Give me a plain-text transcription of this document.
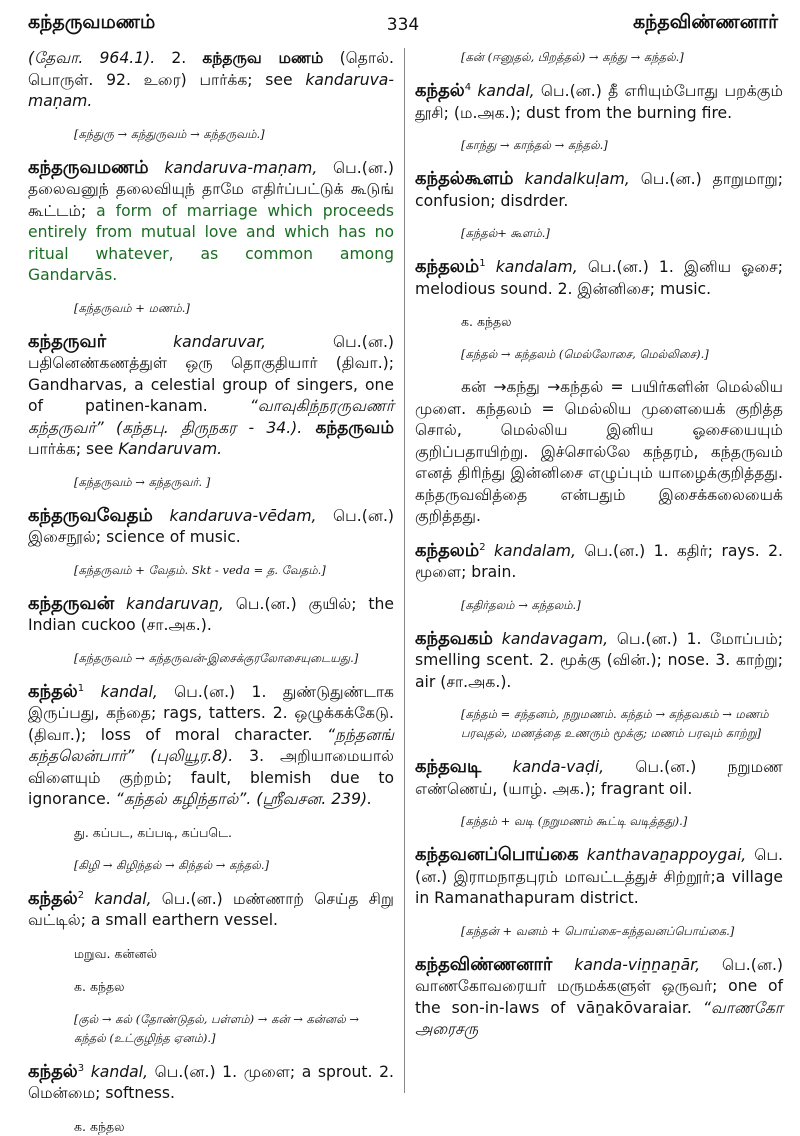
கந்தருவமணம்	334	கந்தவிண்ணனார்

(தேவா. 964.1). 2. கந்தருவ மணம் (தொல். பொருள். 92. உரை) பார்க்க; see kandaruva-maṇam.

[கந்துரு → கந்துருவம் → கந்தருவம்.]

கந்தருவமணம் kandaruva-maṇam, பெ.(ன.) தலைவனுந் தலைவியுந் தாமே எதிர்ப்பட்டுக் கூடுங் கூட்டம்; a form of marriage which proceeds entirely from mutual love and which has no ritual whatever, as common among Gandarvās.

[கந்தருவம் + மணம்.]

கந்தருவர் kandaruvar, பெ.(ன.) பதினெண்கணத்துள் ஒரு தொகுதியார் (திவா.); Gandharvas, a celestial group of singers, one of patinen-kanam. “வாவுகிந்நரருவணர் கந்தருவர்” (கந்தபு. திருநகர - 34.). கந்தருவம் பார்க்க; see Kandaruvam.

[கந்தருவம் → கந்தருவர். ]

கந்தருவவேதம் kandaruva-vēdam, பெ.(ன.) இசைநூல்; science of music.

[கந்தருவம் + வேதம். Skt - veda = த. வேதம்.]

கந்தருவன் kandaruvaṉ, பெ.(ன.) குயில்; the Indian cuckoo (சா.அக.).

[கந்தருவம் → கந்தருவன்-இசைக்குரலோசையுடையது.]

கந்தல்$^1$ kandal, பெ.(ன.) 1. துண்டுதுண்டாக இருப்பது, கந்தை; rags, tatters. 2. ஒழுக்கக்கேடு. (திவா.); loss of moral character. “நந்தனங் கந்தலென்பார்” (புலியூர.8). 3. அறியாமையால் விளையும் குற்றம்; fault, blemish due to ignorance. “கந்தல் கழிந்தால்”. (ஸ்ரீவசன. 239).

து. கப்பட, கப்படி, கப்படெ.

[கிழி → கிழிந்தல் → கிந்தல் → கந்தல்.]

கந்தல்$^2$ kandal, பெ.(ன.) மண்ணாற் செய்த சிறு வட்டில்; a small earthern vessel.

மறுவ. கன்னல்

க. கந்தல

[குல் → கல் (தோண்டுதல், பள்ளம்) → கன் → கன்னல் → கந்தல் (உட்குழிந்த ஏனம்).]

கந்தல்$^3$ kandal, பெ.(ன.) 1. முளை; a sprout. 2. மென்மை; softness.

க. கந்தல

[கன் (ஈனுதல், பிறத்தல்) → கந்து → கந்தல்.]

கந்தல்$^4$ kandal, பெ.(ன.) தீ எரியும்போது பறக்கும் தூசி; (ம.அக.); dust from the burning fire.

[காந்து → காந்தல் → கந்தல்.]

கந்தல்கூளம் kandalkuḷam, பெ.(ன.) தாறுமாறு; confusion; disdrder.

[கந்தல்+ கூளம்.]

கந்தலம்$^1$ kandalam, பெ.(ன.) 1. இனிய ஓசை; melodious sound. 2. இன்னிசை; music.

க. கந்தல

[கந்தல் → கந்தலம் (மெல்லோசை, மெல்லிசை).]

கன் →கந்து →கந்தல் = பயிர்களின் மெல்லிய முளை. கந்தலம் = மெல்லிய முளையைக் குறித்த சொல், மெல்லிய இனிய ஓசையையும் குறிப்பதாயிற்று. இச்சொல்லே கந்தரம், கந்தருவம் எனத் திரிந்து இன்னிசை எழுப்பும் யாழைக்குறித்தது. கந்தருவவித்தை என்பதும் இசைக்கலையைக் குறித்தது.

கந்தலம்$^2$ kandalam, பெ.(ன.) 1. கதிர்; rays. 2. மூளை; brain.

[கதிர்தலம் → கந்தலம்.]

கந்தவகம் kandavagam, பெ.(ன.) 1. மோப்பம்; smelling scent. 2. மூக்கு (வின்.); nose. 3. காற்று; air (சா.அக.).

[கந்தம் = சந்தனம், நறுமணம். கந்தம் → கந்தவகம் → மணம் பரவுதல், மணத்தை உணரும் மூக்கு; மணம் பரவும் காற்று]

கந்தவடி kanda-vaḍi, பெ.(ன.) நறுமண எண்ணெய், (யாழ். அக.); fragrant oil.

[கந்தம் + வடி (நறுமணம் கூட்டி வடித்தது).]

கந்தவனப்பொய்கை kanthavaṉappoygai, பெ.(ன.) இராமநாதபுரம் மாவட்டத்துச் சிற்றூர்;a village in Ramanathapuram district.

[கந்தன் + வனம் + பொய்கை–கந்தவனப்பொய்கை.]

கந்தவிண்ணனார் kanda-viṉṉaṉār, பெ.(ன.) வாணகோவரையர் மருமக்களுள் ஒருவர்; one of the son-in-laws of vāṉakōvaraiar. “வாணகோ அரைசரு
